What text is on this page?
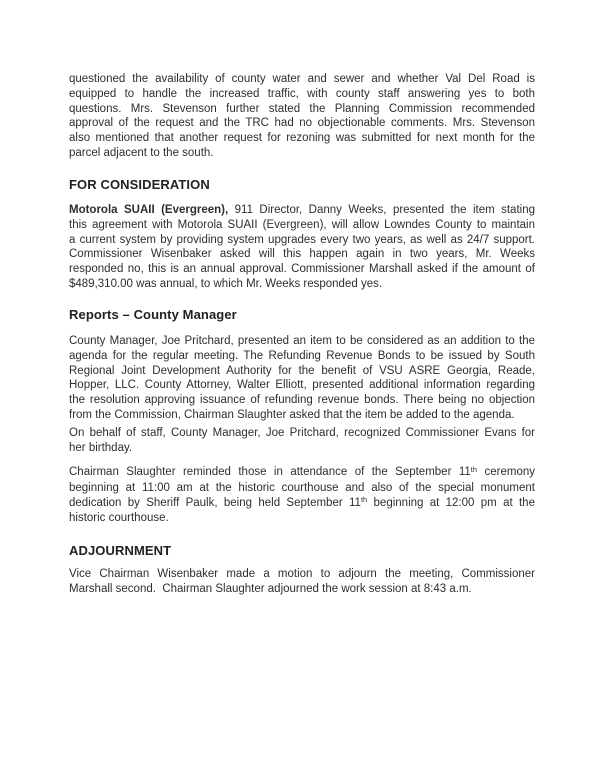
questioned the availability of county water and sewer and whether Val Del Road is
equipped to handle the increased traffic, with county staff answering yes to both
questions. Mrs. Stevenson further stated the Planning Commission recommended
approval of the request and the TRC had no objectionable comments. Mrs. Stevenson
also mentioned that another request for rezoning was submitted for next month for the
parcel adjacent to the south.
FOR CONSIDERATION
Motorola SUAII (Evergreen), 911 Director, Danny Weeks, presented the item stating
this agreement with Motorola SUAII (Evergreen), will allow Lowndes County to maintain
a current system by providing system upgrades every two years, as well as 24/7 support.
Commissioner Wisenbaker asked will this happen again in two years, Mr. Weeks
responded no, this is an annual approval. Commissioner Marshall asked if the amount of
$489,310.00 was annual, to which Mr. Weeks responded yes.
Reports – County Manager
County Manager, Joe Pritchard, presented an item to be considered as an addition to the
agenda for the regular meeting. The Refunding Revenue Bonds to be issued by South
Regional Joint Development Authority for the benefit of VSU ASRE Georgia, Reade,
Hopper, LLC. County Attorney, Walter Elliott, presented additional information regarding
the resolution approving issuance of refunding revenue bonds. There being no objection
from the Commission, Chairman Slaughter asked that the item be added to the agenda.
On behalf of staff, County Manager, Joe Pritchard, recognized Commissioner Evans for
her birthday.
Chairman Slaughter reminded those in attendance of the September 11th ceremony
beginning at 11:00 am at the historic courthouse and also of the special monument
dedication by Sheriff Paulk, being held September 11th beginning at 12:00 pm at the
historic courthouse.
ADJOURNMENT
Vice Chairman Wisenbaker made a motion to adjourn the meeting, Commissioner
Marshall second.  Chairman Slaughter adjourned the work session at 8:43 a.m.
